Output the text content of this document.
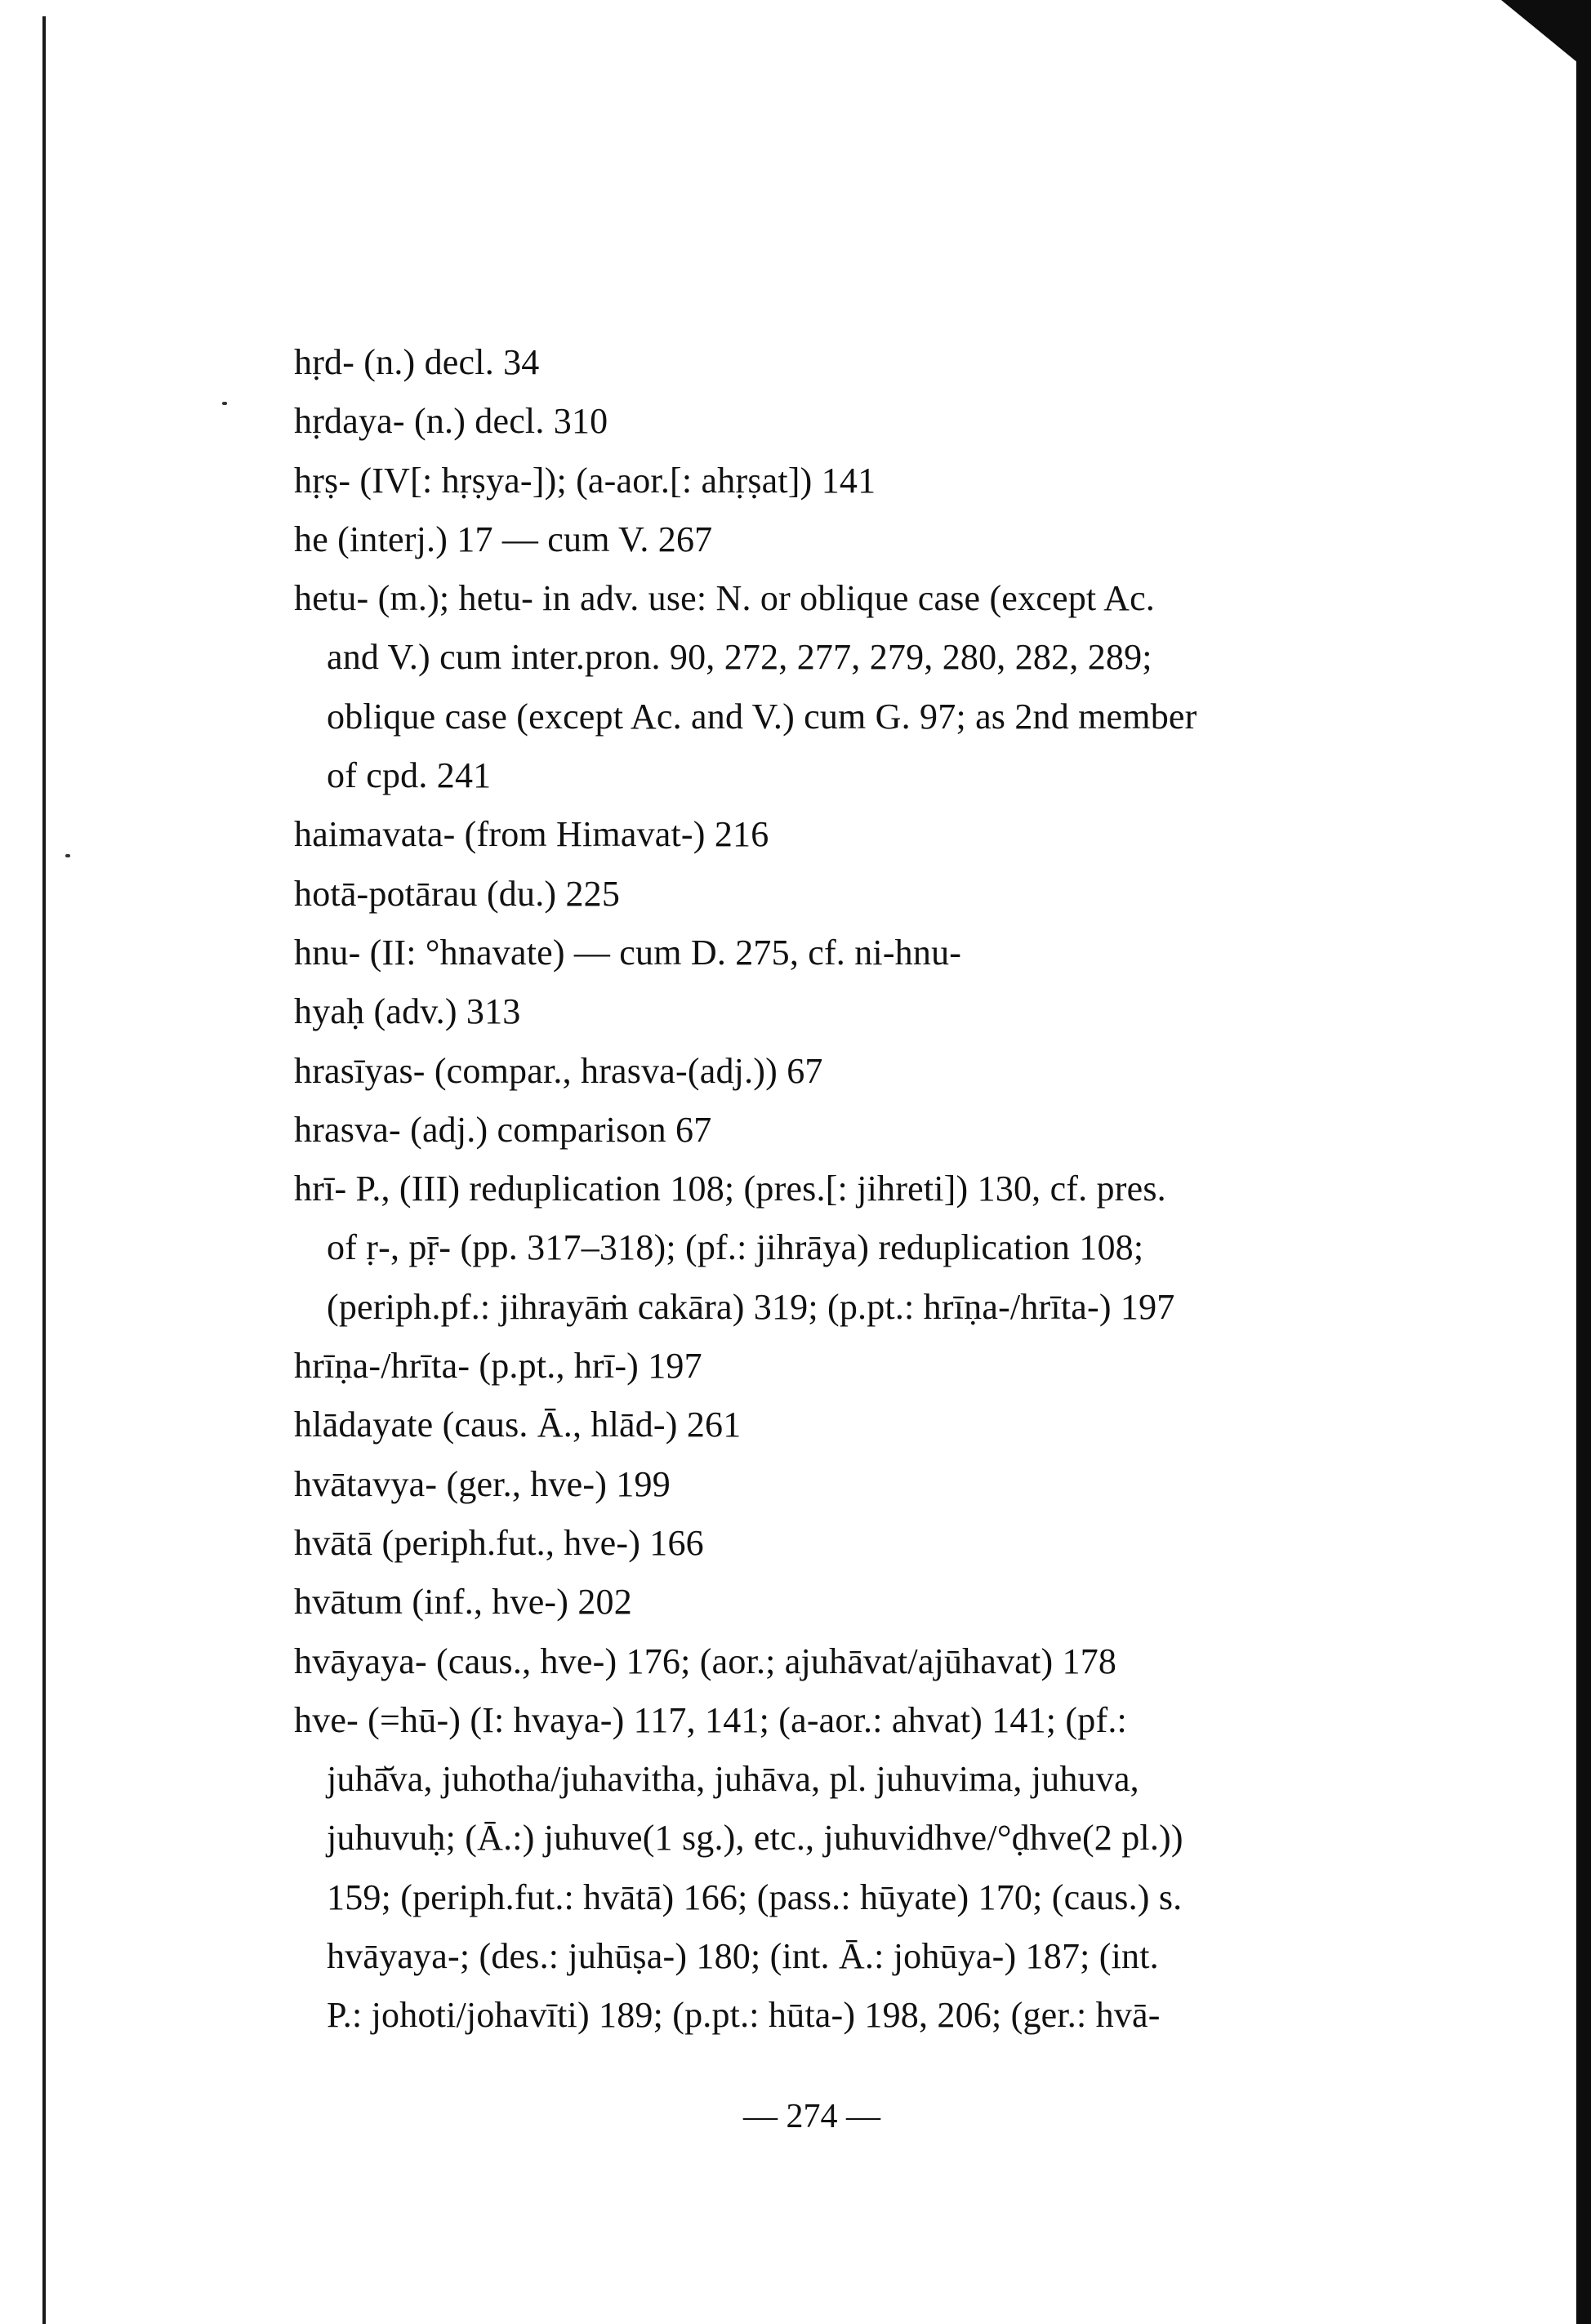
hṛd- (n.) decl. 34
hṛdaya- (n.) decl. 310
hṛṣ- (IV[: hṛṣya-]); (a-aor.[: ahṛṣat]) 141
he (interj.) 17 — cum V. 267
hetu- (m.); hetu- in adv. use: N. or oblique case (except Ac.
and V.) cum inter.pron. 90, 272, 277, 279, 280, 282, 289;
oblique case (except Ac. and V.) cum G. 97; as 2nd member
of cpd. 241
haimavata- (from Himavat-) 216
hotā-potārau (du.) 225
hnu- (II: °hnavate) — cum D. 275, cf. ni-hnu-
hyaḥ (adv.) 313
hrasīyas- (compar., hrasva-(adj.)) 67
hrasva- (adj.) comparison 67
hrī- P., (III) reduplication 108; (pres.[: jihreti]) 130, cf. pres.
of ṛ-, pṝ- (pp. 317–318); (pf.: jihrāya) reduplication 108;
(periph.pf.: jihrayāṁ cakāra) 319; (p.pt.: hrīṇa-/hrīta-) 197
hrīṇa-/hrīta- (p.pt., hrī-) 197
hlādayate (caus. Ā., hlād-) 261
hvātavya- (ger., hve-) 199
hvātā (periph.fut., hve-) 166
hvātum (inf., hve-) 202
hvāyaya- (caus., hve-) 176; (aor.; ajuhāvat/ajūhavat) 178
hve- (=hū-) (I: hvaya-) 117, 141; (a-aor.: ahvat) 141; (pf.:
juhā̆va, juhotha/juhavitha, juhāva, pl. juhuvima, juhuva,
juhuvuḥ; (Ā.:) juhuve(1 sg.), etc., juhuvidhve/°ḍhve(2 pl.))
159; (periph.fut.: hvātā) 166; (pass.: hūyate) 170; (caus.) s.
hvāyaya-; (des.: juhūṣa-) 180; (int. Ā.: johūya-) 187; (int.
P.: johoti/johavīti) 189; (p.pt.: hūta-) 198, 206; (ger.: hvā-
— 274 —
